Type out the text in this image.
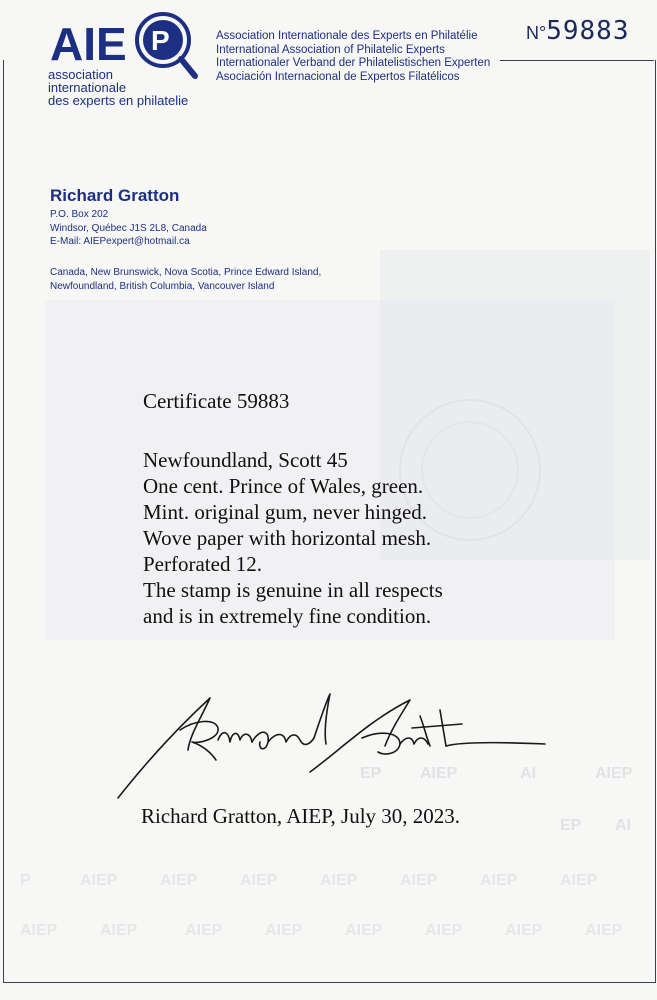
AIEP	AI	AIEP
EP
EP AI
P	AIEP	AIEP	AIEP	AIEP	AIEP	AIEP	AIEP
AIEP	AIEP	AIEP	AIEP	AIEP	AIEP	AIEP	AIEP
P
AIE
association
internationale
des experts en philatelie
Association Internationale des Experts en Philatélie
International Association of Philatelic Experts
Internationaler Verband der Philatelistischen Experten
Asociación Internacional de Expertos Filatélicos
N°59883
Richard Gratton
P.O. Box 202
Windsor, Québec J1S 2L8, Canada
E-Mail: AIEPexpert@hotmail.ca
Canada, New Brunswick, Nova Scotia, Prince Edward Island,
Newfoundland, British Columbia, Vancouver Island
Certificate 59883
Newfoundland, Scott 45
One cent. Prince of Wales, green.
Mint. original gum, never hinged.
Wove paper with horizontal mesh.
Perforated 12.
The stamp is genuine in all respects
and is in extremely fine condition.
Richard Gratton, AIEP, July 30, 2023.
